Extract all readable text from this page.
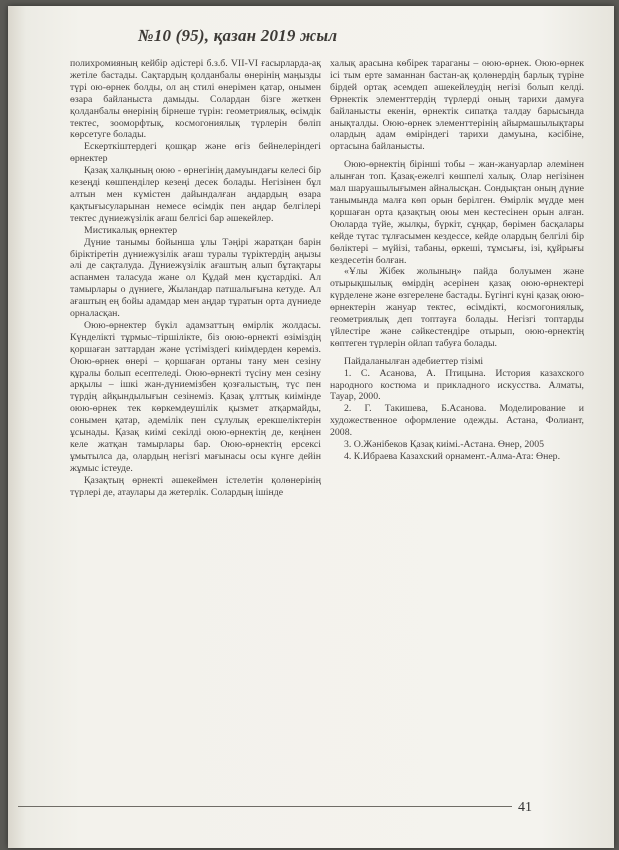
№10 (95), қазан 2019 жыл

полихромияның кейбір әдістері б.з.б. VII-VI ғасырларда-ақ жетіле бастады. Сақтардың қолданбалы өнерінің маңызды түрі ою-өрнек болды, ол аң стилі өнерімен қатар, онымен өзара байланыста дамыды. Солардан бізге жеткен қолданбалы өнерінің бірнеше түрін: геометриялық, өсімдік тектес, зооморфтық, космогониялық түрлерін бөліп көрсетуге болады.

Ескерткіштердегі қошқар және өгіз бейнелеріндегі өрнектер

Қазақ халқының оюю - өрнегінің дамуындағы келесі бір кезеңді көшпенділер кезеңі десек болады. Негізінен бұл алтын мен күмістен дайындалған аңдардың өзара қақтығысуларынан немесе өсімдік пен аңдар белгілері тектес дүниежүзілік ағаш белгісі бар әшекейлер.

Мистикалық өрнектер

Дүние танымы бойынша ұлы Тәңірі жаратқан барін біріктіретін дүниежүзілік ағаш туралы түріктердің аңызы әлі де сақталуда. Дүниежүзілік ағаштың алып бұтақтары аспанмен таласуда және ол Құдай мен құстардікі. Ал тамырлары о дүниеге, Жыландар патшалығына кетуде. Ал ағаштың ең бойы адамдар мен аңдар тұратын орта дүниеде орналасқан.

Оюю-өрнектер бүкіл адамзаттың өмірлік жолдасы. Күнделікті тұрмыс–тіршілікте, біз оюю-өрнекті өзіміздің қоршаған заттардан және үстіміздегі киімдерден көреміз. Оюю-өрнек өнері – қоршаған ортаны тану мен сезіну құралы болып есептеледі. Оюю-өрнекті түсіну мен сезіну арқылы – ішкі жан-дүниемізбен қозғалыстың, түс пен түрдің айқындылығын сезінеміз. Қазақ ұлттық киімінде оюю-өрнек тек көркемдеушілік қызмет атқармайды, сонымен қатар, әдемілік пен сұлулық ерекшеліктерін ұсынады. Қазақ киімі секілді оюю-өрнектің де, кеңінен келе жатқан тамырлары бар. Оюю-өрнектің ерсексі ұмытылса да, олардың негізгі мағынасы осы күнге дейін жұмыс істеуде.

Қазақтың өрнекті әшекеймен істелетін қолөнерінің түрлері де, атаулары да жетерлік. Солардың ішінде

халық арасына көбірек тараганы – оюю-өрнек. Оюю-өрнек ісі тым ерте заманнан бастан-ақ қолөнердің барлық түріне бірдей ортақ әсемдеп әшекейлеудің негізі болып келді. Өрнектік элементтердің түрлерді оның тарихи дамуға байланысты екенін, өрнектік сипатқа талдау барысында анықталды. Оюю-өрнек элементтерінің айырмашылықтары олардың адам өміріндегі тарихи дамуына, кәсібіне, ортасына байланысты.

Оюю-өрнектің бірінші тобы – жан-жануарлар әлемінен алынған топ. Қазақ-ежелгі көшпелі халық. Олар негізінен мал шаруашылығымен айналысқан. Сондықтан оның дүние танымында малға көп орын берілген. Өмірлік мүдде мен қоршаған орта қазақтың оюы мен кестесінен орын алған. Оюларда түйе, жылқы, бүркіт, сұңқар, бөрімен басқалары кейде түтас тұлғасымен кездессе, кейде олардың белгілі бір бөліктері – мүйізі, табаны, өркеші, тұмсығы, ізі, құйрығы кездесетін болған.

«Ұлы Жібек жолының» пайда болуымен және отырықшылық өмірдің әсерінен қазақ оюю-өрнектері күрделене және өзгерелене бастады. Бүгінгі күні қазақ оюю-өрнектерін жануар тектес, өсімдікті, космогониялық, геометриялық деп топтауға болады. Негізгі топтарды үйлестіре және сәйкестендіре отырып, оюю-өрнектің көптеген түрлерін ойлап табуға болады.

Пайдаланылған әдебиеттер тізімі

1. С. Асанова, А. Птицына. История казахского народного костюма и прикладного искусства. Алматы, Тауар, 2000.

2. Г. Такишева, Б.Асанова. Моделирование и художественное оформление одежды. Астана, Фолиант, 2008.

3. О.Жәнібеков Қазақ киімі.-Астана. Өнер, 2005

4. К.Ибраева Казахский орнамент.-Алма-Ата: Өнер.

41
